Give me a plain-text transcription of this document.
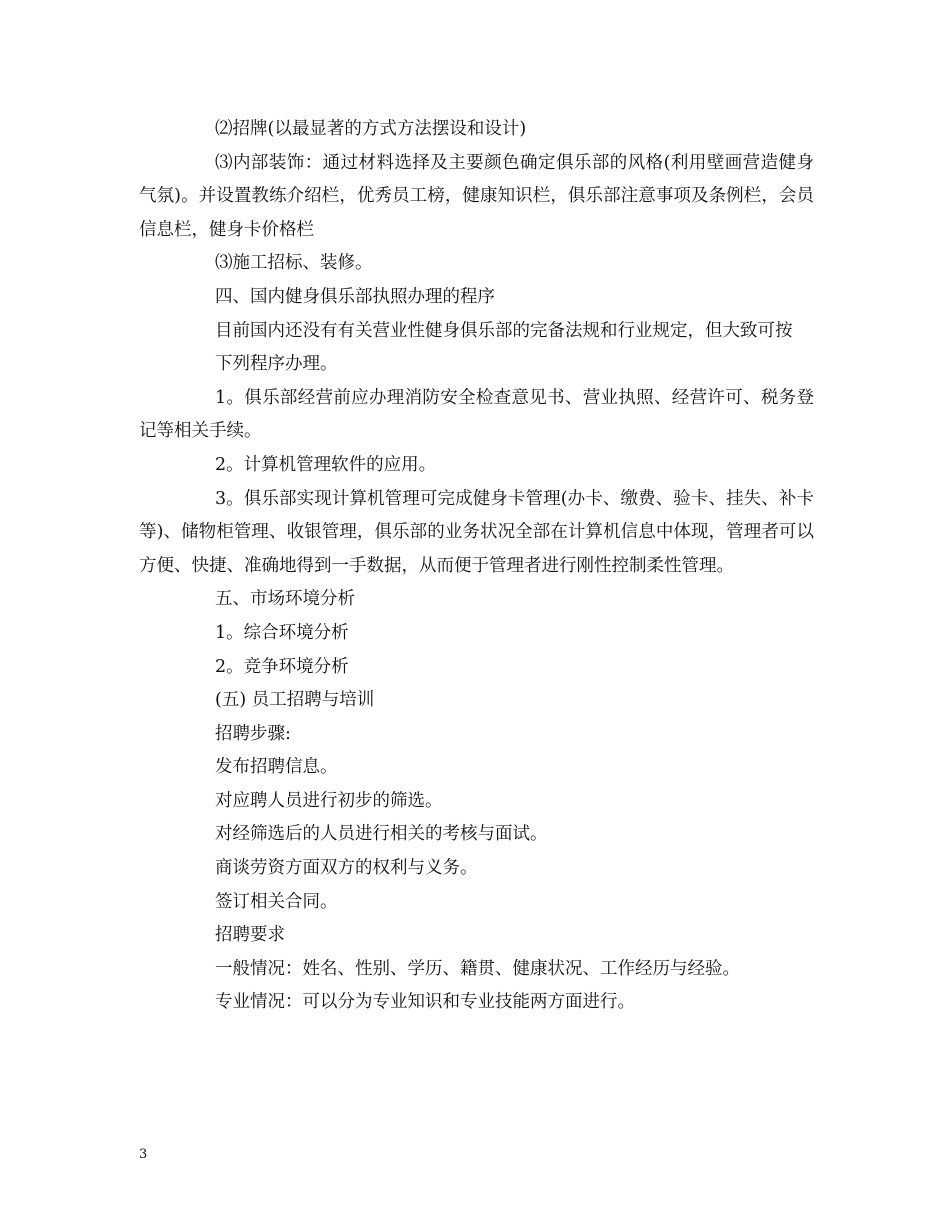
⑵招牌(以最显著的方式方法摆设和设计)

⑶内部装饰：通过材料选择及主要颜色确定俱乐部的风格(利用壁画营造健身气氛)。并设置教练介绍栏，优秀员工榜，健康知识栏，俱乐部注意事项及条例栏，会员信息栏，健身卡价格栏

⑶施工招标、装修。

四、国内健身俱乐部执照办理的程序

目前国内还没有有关营业性健身俱乐部的完备法规和行业规定，但大致可按

下列程序办理。

1。俱乐部经营前应办理消防安全检查意见书、营业执照、经营许可、税务登记等相关手续。

2。计算机管理软件的应用。

3。俱乐部实现计算机管理可完成健身卡管理(办卡、缴费、验卡、挂失、补卡等)、储物柜管理、收银管理，俱乐部的业务状况全部在计算机信息中体现，管理者可以方便、快捷、准确地得到一手数据，从而便于管理者进行刚性控制柔性管理。

五、市场环境分析

1。综合环境分析

2。竞争环境分析

(五) 员工招聘与培训

招聘步骤:

发布招聘信息。

对应聘人员进行初步的筛选。

对经筛选后的人员进行相关的考核与面试。

商谈劳资方面双方的权利与义务。

签订相关合同。

招聘要求

一般情况：姓名、性别、学历、籍贯、健康状况、工作经历与经验。

专业情况：可以分为专业知识和专业技能两方面进行。

3
